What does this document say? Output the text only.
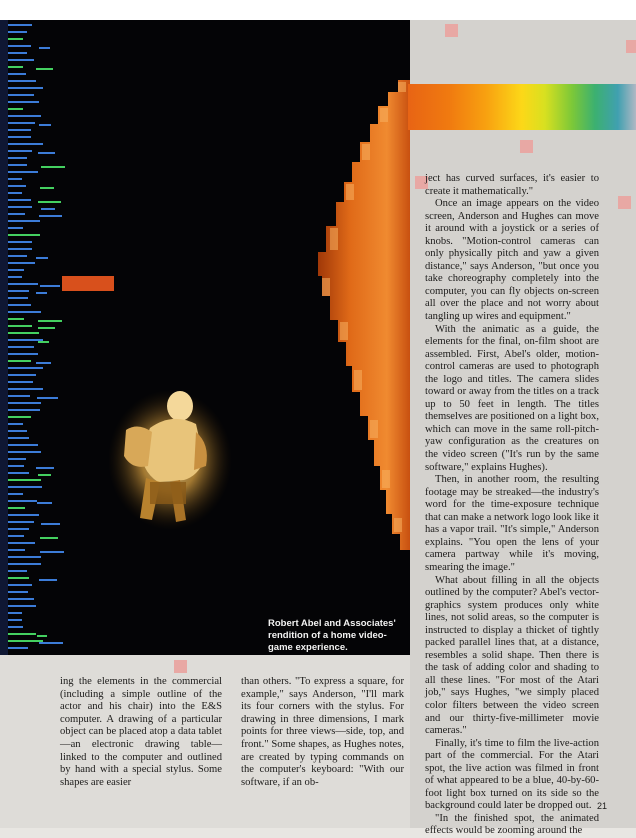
Robert Abel and Associates' rendition of a home video-game experience.

ing the elements in the commercial (including a simple outline of the actor and his chair) into the E&S computer. A drawing of a particular object can be placed atop a data tablet—an electronic drawing table—linked to the computer and outlined by hand with a special stylus. Some shapes are easier

than others. "To express a square, for example," says Anderson, "I'll mark its four corners with the stylus. For drawing in three dimensions, I mark points for three views—side, top, and front." Some shapes, as Hughes notes, are created by typing commands on the computer's keyboard: "With our software, if an ob-

ject has curved surfaces, it's easier to create it mathematically."

Once an image appears on the video screen, Anderson and Hughes can move it around with a joystick or a series of knobs. "Motion-control cameras can only physically pitch and yaw a given distance," says Anderson, "but once you take choreography completely into the computer, you can fly objects on-screen all over the place and not worry about tangling up wires and equipment."

With the animatic as a guide, the elements for the final, on-film shoot are assembled. First, Abel's older, motion-control cameras are used to photograph the logo and titles. The camera slides toward or away from the titles on a track up to 50 feet in length. The titles themselves are positioned on a light box, which can move in the same roll-pitch-yaw configuration as the creatures on the video screen ("It's run by the same software," explains Hughes).

Then, in another room, the resulting footage may be streaked—the industry's word for the time-exposure technique that can make a network logo look like it has a vapor trail. "It's simple," Anderson explains. "You open the lens of your camera partway while it's moving, smearing the image."

What about filling in all the objects outlined by the computer? Abel's vector-graphics system produces only white lines, not solid areas, so the computer is instructed to display a thicket of tightly packed parallel lines that, at a distance, resembles a solid shape. Then there is the task of adding color and shading to all these lines. "For most of the Atari job," says Hughes, "we simply placed color filters between the video screen and our thirty-five-millimeter movie cameras."

Finally, it's time to film the live-action part of the commercial. For the Atari spot, the live action was filmed in front of what appeared to be a blue, 40-by-60-foot light box turned on its side so the background could later be dropped out.

"In the finished spot, the animated effects would be zooming around the

21
